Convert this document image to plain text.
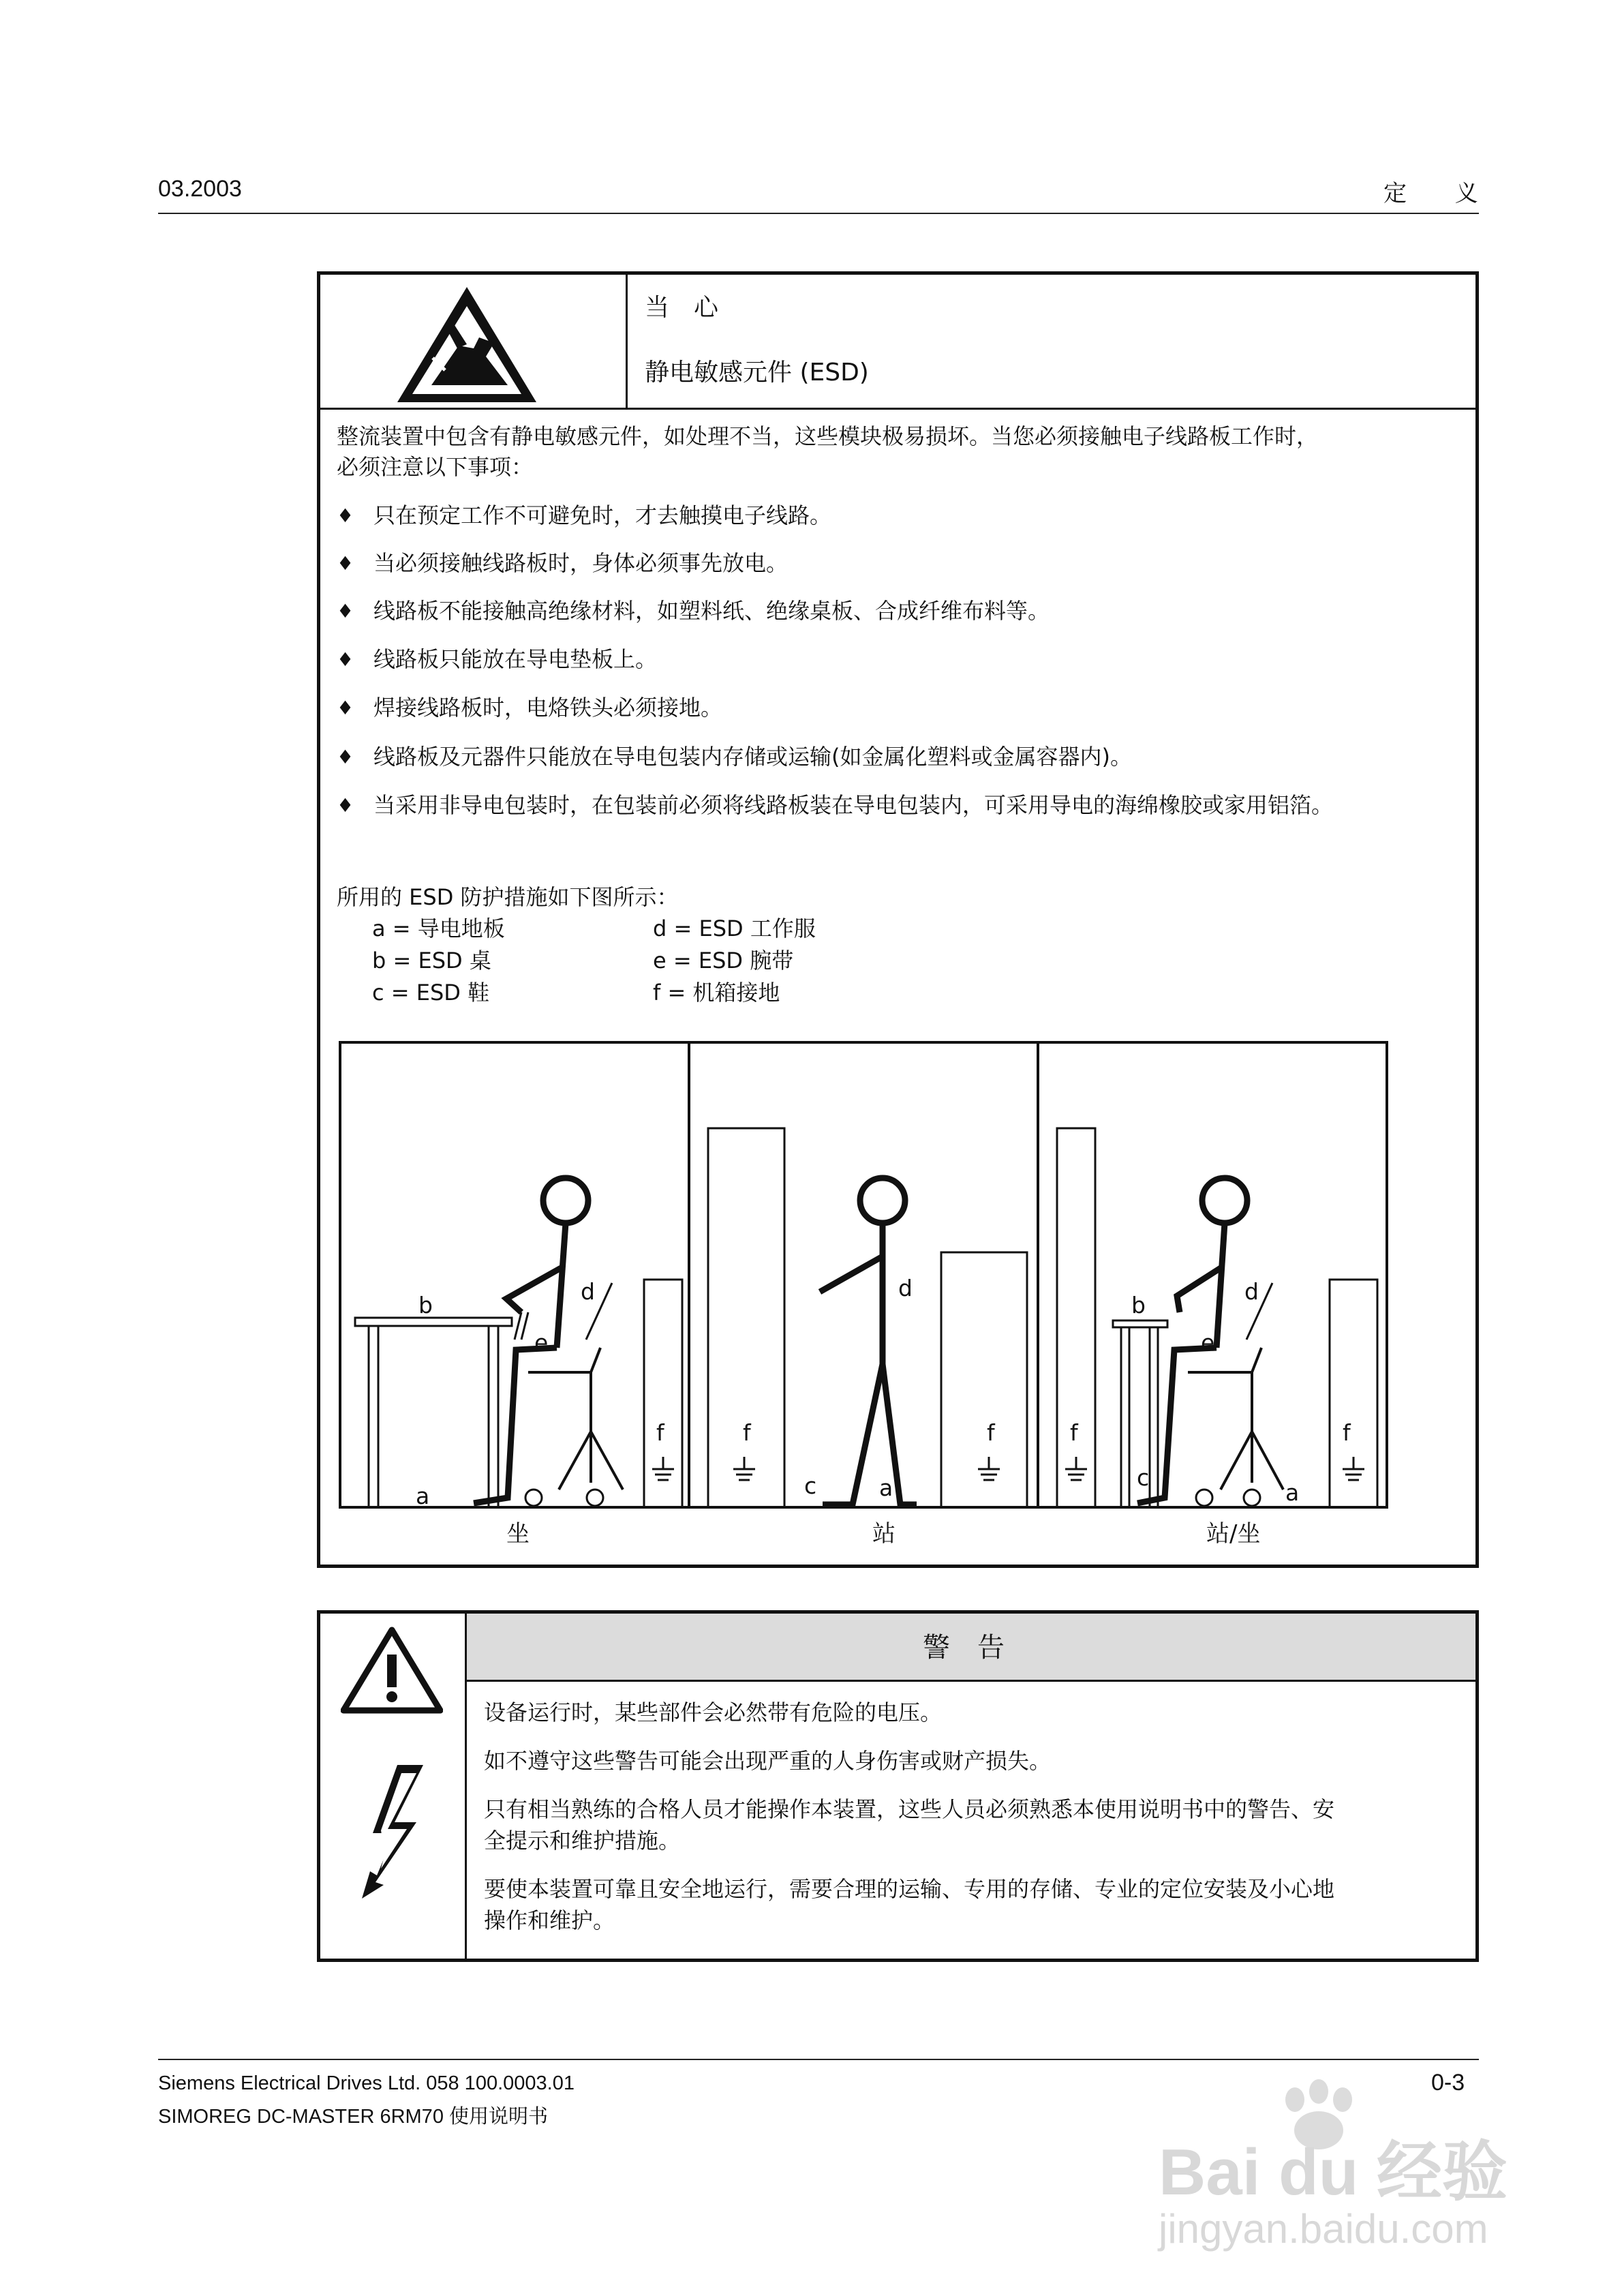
03.2003	定 义
当　心
静电敏感元件 (ESD)
整流装置中包含有静电敏感元件，如处理不当，这些模块极易损坏。当您必须接触电子线路板工作时，
必须注意以下事项：
♦ 只在预定工作不可避免时，才去触摸电子线路。
♦ 当必须接触线路板时，身体必须事先放电。
♦ 线路板不能接触高绝缘材料，如塑料纸、绝缘桌板、合成纤维布料等。
♦ 线路板只能放在导电垫板上。
♦ 焊接线路板时，电烙铁头必须接地。
♦ 线路板及元器件只能放在导电包装内存储或运输(如金属化塑料或金属容器内)。
♦ 当采用非导电包装时，在包装前必须将线路板装在导电包装内，可采用导电的海绵橡胶或家用铝箔。
所用的 ESD 防护措施如下图所示：
a = 导电地板	d = ESD 工作服
b = ESD 桌	e = ESD 腕带
c = ESD 鞋	f = 机箱接地
b
d
e
f
a
f
d
f
c	a
f
b
d
e
f
c
a
坐	站	站/坐
警　告
设备运行时，某些部件会必然带有危险的电压。
如不遵守这些警告可能会出现严重的人身伤害或财产损失。
只有相当熟练的合格人员才能操作本装置，这些人员必须熟悉本使用说明书中的警告、安
全提示和维护措施。
要使本装置可靠且安全地运行，需要合理的运输、专用的存储、专业的定位安装及小心地
操作和维护。
Siemens Electrical Drives Ltd. 058 100.0003.01
SIMOREG DC-MASTER 6RM70 使用说明书
0-3
Bai du 经验
jingyan.baidu.com
